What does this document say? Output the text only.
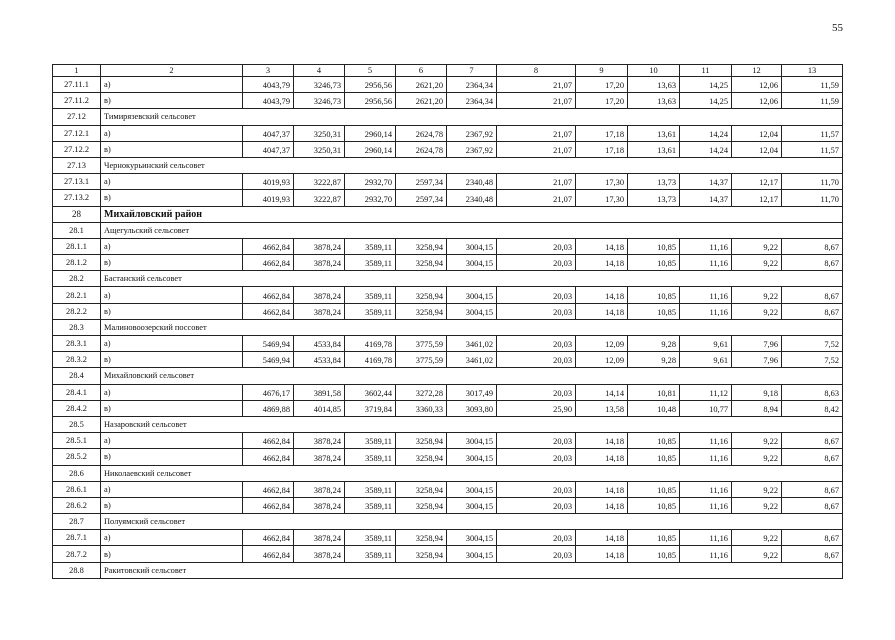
55
1	2	3	4	5	6	7	8	9	10	11	12	13
27.11.1	а)	4043,79	3246,73	2956,56	2621,20	2364,34	21,07	17,20	13,63	14,25	12,06	11,59
27.11.2	в)	4043,79	3246,73	2956,56	2621,20	2364,34	21,07	17,20	13,63	14,25	12,06	11,59
27.12	Тимирязевский сельсовет											
27.12.1	а)	4047,37	3250,31	2960,14	2624,78	2367,92	21,07	17,18	13,61	14,24	12,04	11,57
27.12.2	в)	4047,37	3250,31	2960,14	2624,78	2367,92	21,07	17,18	13,61	14,24	12,04	11,57
27.13	Чернокурьинский сельсовет											
27.13.1	а)	4019,93	3222,87	2932,70	2597,34	2340,48	21,07	17,30	13,73	14,37	12,17	11,70
27.13.2	в)	4019,93	3222,87	2932,70	2597,34	2340,48	21,07	17,30	13,73	14,37	12,17	11,70
28	Михайловский район											
28.1	Ащегульский сельсовет											
28.1.1	а)	4662,84	3878,24	3589,11	3258,94	3004,15	20,03	14,18	10,85	11,16	9,22	8,67
28.1.2	в)	4662,84	3878,24	3589,11	3258,94	3004,15	20,03	14,18	10,85	11,16	9,22	8,67
28.2	Бастанский сельсовет											
28.2.1	а)	4662,84	3878,24	3589,11	3258,94	3004,15	20,03	14,18	10,85	11,16	9,22	8,67
28.2.2	в)	4662,84	3878,24	3589,11	3258,94	3004,15	20,03	14,18	10,85	11,16	9,22	8,67
28.3	Малиновоозерский поссовет											
28.3.1	а)	5469,94	4533,84	4169,78	3775,59	3461,02	20,03	12,09	9,28	9,61	7,96	7,52
28.3.2	в)	5469,94	4533,84	4169,78	3775,59	3461,02	20,03	12,09	9,28	9,61	7,96	7,52
28.4	Михайловский сельсовет											
28.4.1	а)	4676,17	3891,58	3602,44	3272,28	3017,49	20,03	14,14	10,81	11,12	9,18	8,63
28.4.2	в)	4869,88	4014,85	3719,84	3360,33	3093,80	25,90	13,58	10,48	10,77	8,94	8,42
28.5	Назаровский сельсовет											
28.5.1	а)	4662,84	3878,24	3589,11	3258,94	3004,15	20,03	14,18	10,85	11,16	9,22	8,67
28.5.2	в)	4662,84	3878,24	3589,11	3258,94	3004,15	20,03	14,18	10,85	11,16	9,22	8,67
28.6	Николаевский сельсовет											
28.6.1	а)	4662,84	3878,24	3589,11	3258,94	3004,15	20,03	14,18	10,85	11,16	9,22	8,67
28.6.2	в)	4662,84	3878,24	3589,11	3258,94	3004,15	20,03	14,18	10,85	11,16	9,22	8,67
28.7	Полуямский сельсовет											
28.7.1	а)	4662,84	3878,24	3589,11	3258,94	3004,15	20,03	14,18	10,85	11,16	9,22	8,67
28.7.2	в)	4662,84	3878,24	3589,11	3258,94	3004,15	20,03	14,18	10,85	11,16	9,22	8,67
28.8	Ракитовский сельсовет											
